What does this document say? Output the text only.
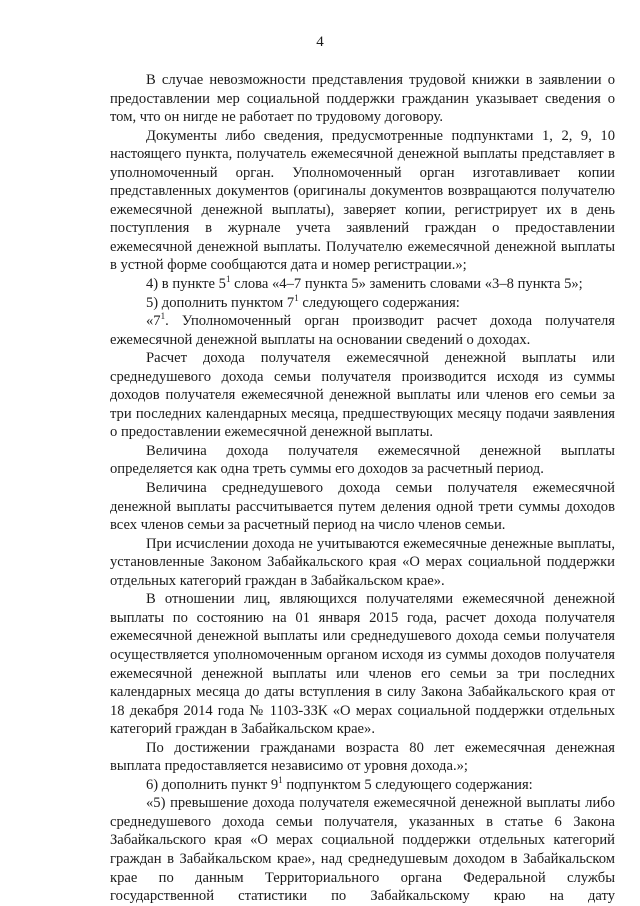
4

В случае невозможности представления трудовой книжки в заявлении о предоставлении мер социальной поддержки гражданин указывает сведения о том, что он нигде не работает по трудовому договору.

Документы либо сведения, предусмотренные подпунктами 1, 2, 9, 10 настоящего пункта, получатель ежемесячной денежной выплаты представляет в уполномоченный орган. Уполномоченный орган изготавливает копии представленных документов (оригиналы документов возвращаются получателю ежемесячной денежной выплаты), заверяет копии, регистрирует их в день поступления в журнале учета заявлений граждан о предоставлении ежемесячной денежной выплаты. Получателю ежемесячной денежной выплаты в устной форме сообщаются дата и номер регистрации.»;

4) в пункте $5^1$ слова «4–7 пункта 5» заменить словами «3–8 пункта 5»;

5) дополнить пунктом $7^1$ следующего содержания:

«$7^1$. Уполномоченный орган производит расчет дохода получателя ежемесячной денежной выплаты на основании сведений о доходах.

Расчет дохода получателя ежемесячной денежной выплаты или среднедушевого дохода семьи получателя производится исходя из суммы доходов получателя ежемесячной денежной выплаты или членов его семьи за три последних календарных месяца, предшествующих месяцу подачи заявления о предоставлении ежемесячной денежной выплаты.

Величина дохода получателя ежемесячной денежной выплаты определяется как одна треть суммы его доходов за расчетный период.

Величина среднедушевого дохода семьи получателя ежемесячной денежной выплаты рассчитывается путем деления одной трети суммы доходов всех членов семьи за расчетный период на число членов семьи.

При исчислении дохода не учитываются ежемесячные денежные выплаты, установленные Законом Забайкальского края «О мерах социальной поддержки отдельных категорий граждан в Забайкальском крае».

В отношении лиц, являющихся получателями ежемесячной денежной выплаты по состоянию на 01 января 2015 года, расчет дохода получателя ежемесячной денежной выплаты или среднедушевого дохода семьи получателя осуществляется уполномоченным органом исходя из суммы доходов получателя ежемесячной денежной выплаты или членов его семьи за три последних календарных месяца до даты вступления в силу Закона Забайкальского края от 18 декабря 2014 года № 1103-ЗЗК «О мерах социальной поддержки отдельных категорий граждан в Забайкальском крае».

По достижении гражданами возраста 80 лет ежемесячная денежная выплата предоставляется независимо от уровня дохода.»;

6) дополнить пункт $9^1$ подпунктом 5 следующего содержания:

«5) превышение дохода получателя ежемесячной денежной выплаты либо среднедушевого дохода семьи получателя, указанных в статье 6 Закона Забайкальского края «О мерах социальной поддержки отдельных категорий граждан в Забайкальском крае», над среднедушевым доходом в Забайкальском крае по данным Территориального органа Федеральной службы государственной статистики по Забайкальскому краю на дату
